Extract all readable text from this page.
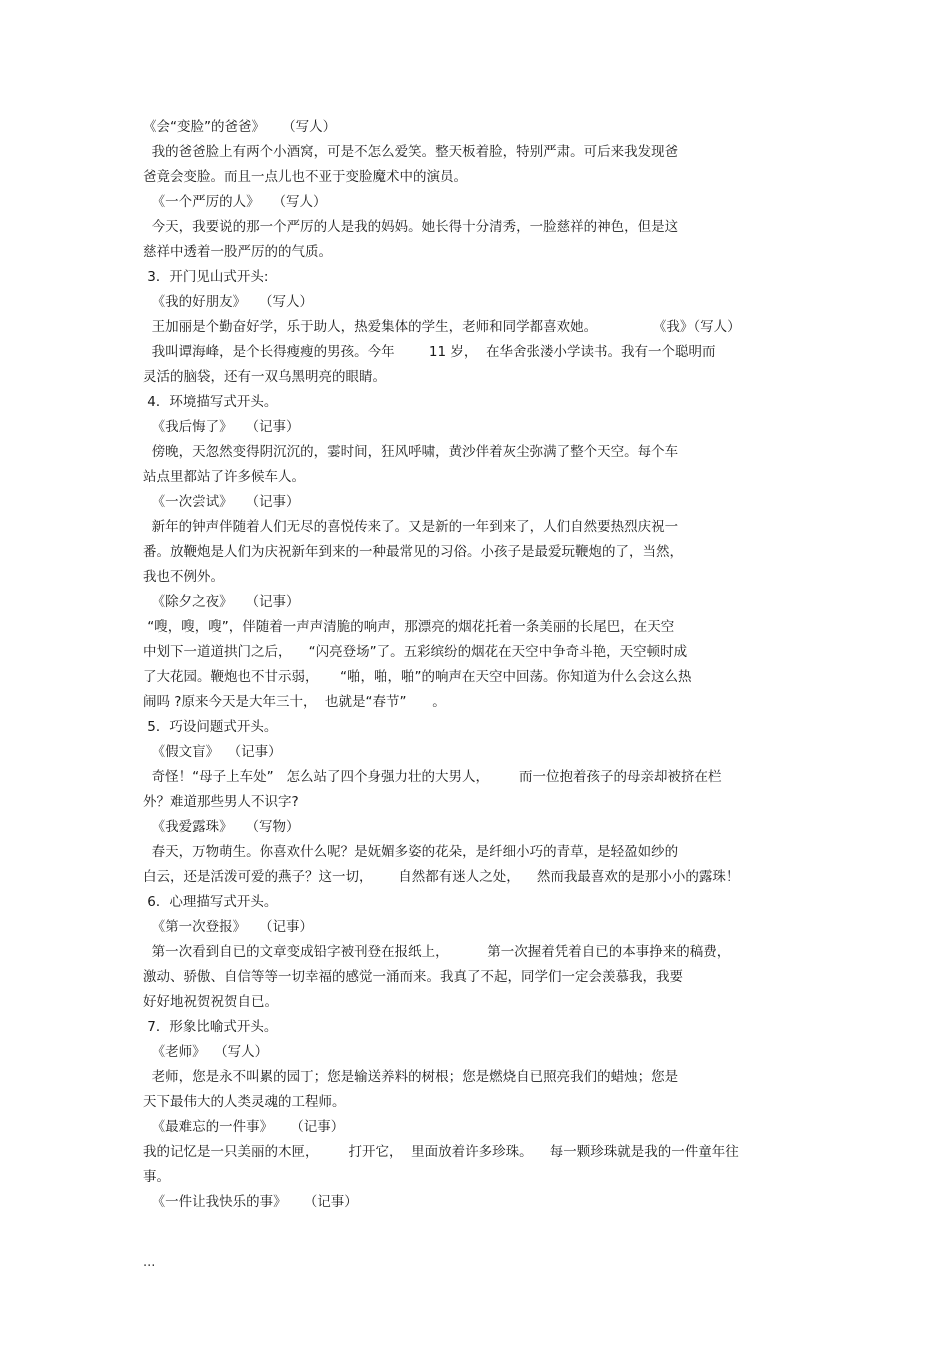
《会“变脸”的爸爸》    （写人）
我的爸爸脸上有两个小酒窝，可是不怎么爱笑。整天板着脸，特别严肃。可后来我发现爸
爸竟会变脸。而且一点儿也不亚于变脸魔术中的演员。
《一个严厉的人》   （写人）
今天，我要说的那一个严厉的人是我的妈妈。她长得十分清秀，一脸慈祥的神色，但是这
慈祥中透着一股严厉的的气质。
3．开门见山式开头:
《我的好朋友》   （写人）
王加丽是个勤奋好学，乐于助人，热爱集体的学生，老师和同学都喜欢她。             《我》（写人）
我叫谭海峰，是个长得瘦瘦的男孩。今年        11 岁，  在华舍张溇小学读书。我有一个聪明而
灵活的脑袋，还有一双乌黑明亮的眼睛。
4．环境描写式开头。
《我后悔了》   （记事）
傍晚，天忽然变得阴沉沉的，霎时间，狂风呼啸，黄沙伴着灰尘弥满了整个天空。每个车
站点里都站了许多候车人。
《一次尝试》   （记事）
新年的钟声伴随着人们无尽的喜悦传来了。又是新的一年到来了，人们自然要热烈庆祝一
番。放鞭炮是人们为庆祝新年到来的一种最常见的习俗。小孩子是最爱玩鞭炮的了，当然，
我也不例外。
《除夕之夜》   （记事）
“嗖，嗖，嗖”，伴随着一声声清脆的响声，那漂亮的烟花托着一条美丽的长尾巴，在天空
中划下一道道拱门之后，    “闪亮登场”了。五彩缤纷的烟花在天空中争奇斗艳，天空顿时成
了大花园。鞭炮也不甘示弱，     “啪，啪，啪”的响声在天空中回荡。你知道为什么会这么热
闹吗 ?原来今天是大年三十，  也就是“春节”      。
5．巧设问题式开头。
《假文盲》  （记事）
奇怪！“母子上车处”   怎么站了四个身强力壮的大男人，       而一位抱着孩子的母亲却被挤在栏
外？难道那些男人不识字?
《我爱露珠》   （写物）
春天，万物萌生。你喜欢什么呢？是妩媚多姿的花朵，是纤细小巧的青草，是轻盈如纱的
白云，还是活泼可爱的燕子？这一切，      自然都有迷人之处，    然而我最喜欢的是那小小的露珠！
6．心理描写式开头。
《第一次登报》   （记事）
第一次看到自已的文章变成铅字被刊登在报纸上，         第一次握着凭着自已的本事挣来的稿费，
激动、骄傲、自信等等一切幸福的感觉一涌而来。我真了不起，同学们一定会羡慕我，我要
好好地祝贺祝贺自已。
7．形象比喻式开头。
《老师》  （写人）
老师，您是永不叫累的园丁；您是输送养料的树根；您是燃烧自已照亮我们的蜡烛；您是
天下最伟大的人类灵魂的工程师。
《最难忘的一件事》    （记事）
我的记忆是一只美丽的木匣，       打开它，  里面放着许多珍珠。    每一颗珍珠就是我的一件童年往
事。
《一件让我快乐的事》    （记事）
...
